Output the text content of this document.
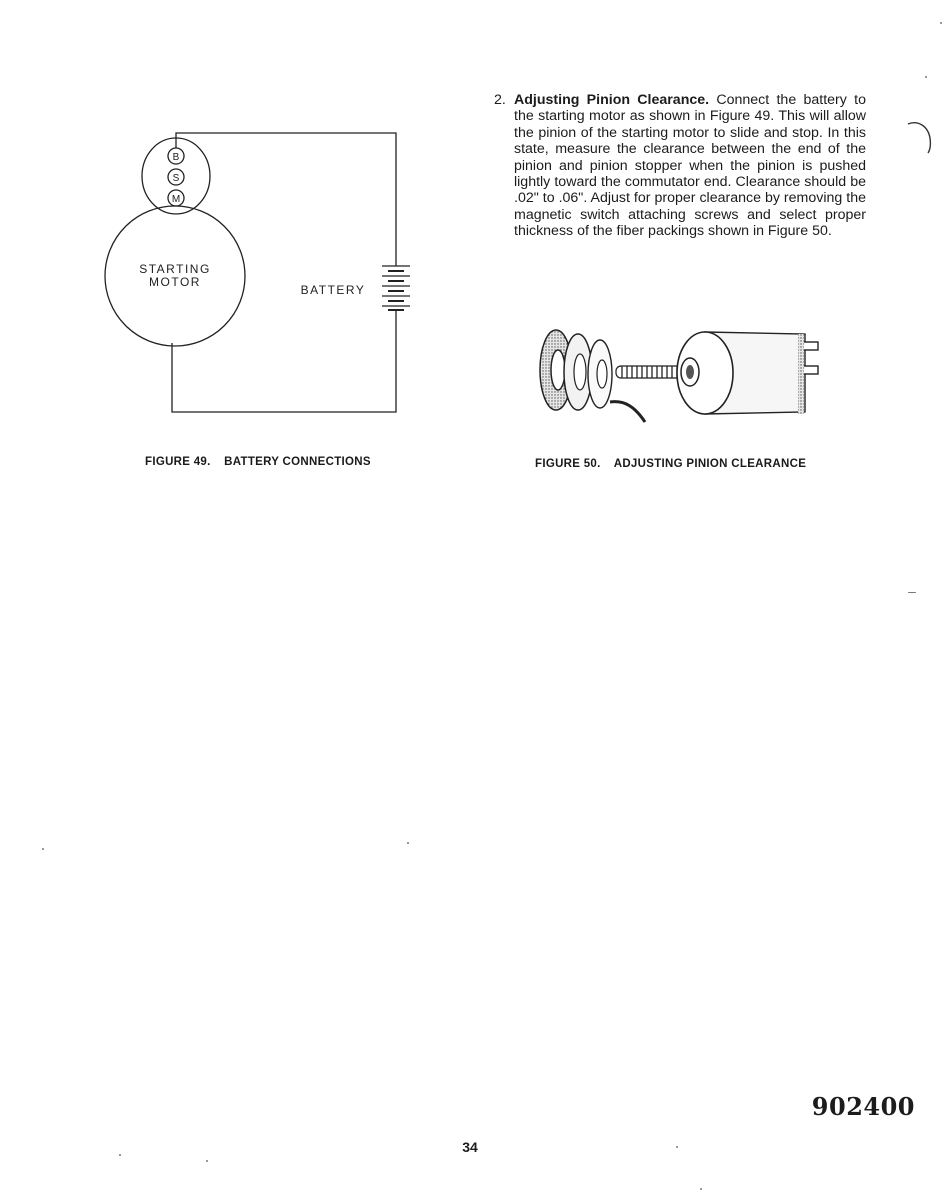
B
S
M
STARTING
MOTOR
BATTERY
FIGURE 49. BATTERY CONNECTIONS
2. Adjusting Pinion Clearance. Connect the battery to the starting motor as shown in Figure 49. This will allow the pinion of the starting motor to slide and stop. In this state, measure the clearance between the end of the pinion and pinion stopper when the pinion is pushed lightly toward the commutator end. Clearance should be .02" to .06". Adjust for proper clearance by removing the magnetic switch attaching screws and select proper thickness of the fiber packings shown in Figure 50.
FIGURE 50. ADJUSTING PINION CLEARANCE
902400
34
